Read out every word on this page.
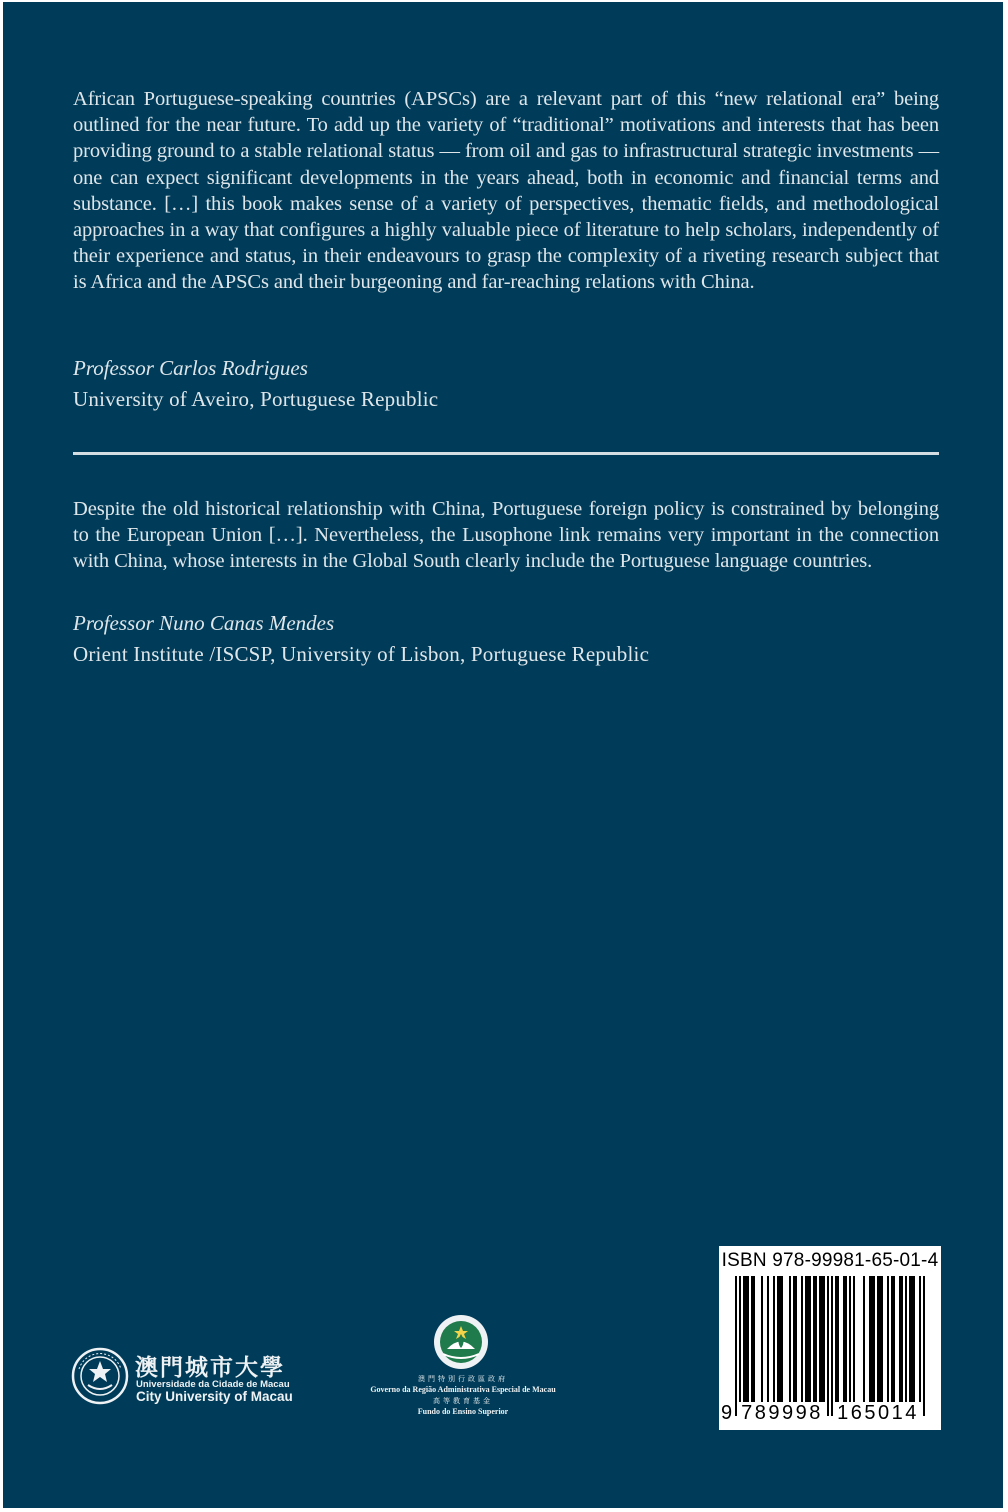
African Portuguese-speaking countries (APSCs) are a relevant part of this “new relational era” being outlined for the near future. To add up the variety of “traditional” motivations and interests that has been providing ground to a stable relational status — from oil and gas to infrastructural strategic investments — one can expect significant developments in the years ahead, both in economic and financial terms and substance. […] this book makes sense of a variety of perspectives, thematic fields, and methodological approaches in a way that configures a highly valuable piece of literature to help scholars, independently of their experience and status, in their endeavours to grasp the complexity of a riveting research subject that is Africa and the APSCs and their burgeoning and far-reaching relations with China.

Professor Carlos Rodrigues
University of Aveiro, Portuguese Republic

Despite the old historical relationship with China, Portuguese foreign policy is constrained by belonging to the European Union […]. Nevertheless, the Lusophone link remains very important in the connection with China, whose interests in the Global South clearly include the Portuguese language countries.

Professor Nuno Canas Mendes
Orient Institute /ISCSP, University of Lisbon, Portuguese Republic
澳門城市大學
Universidade da Cidade de Macau
City University of Macau
澳門特別行政區政府
Governo da Região Administrativa Especial de Macau
高等教育基金
Fundo do Ensino Superior
ISBN 978-99981-65-01-4
9 789998 165014
